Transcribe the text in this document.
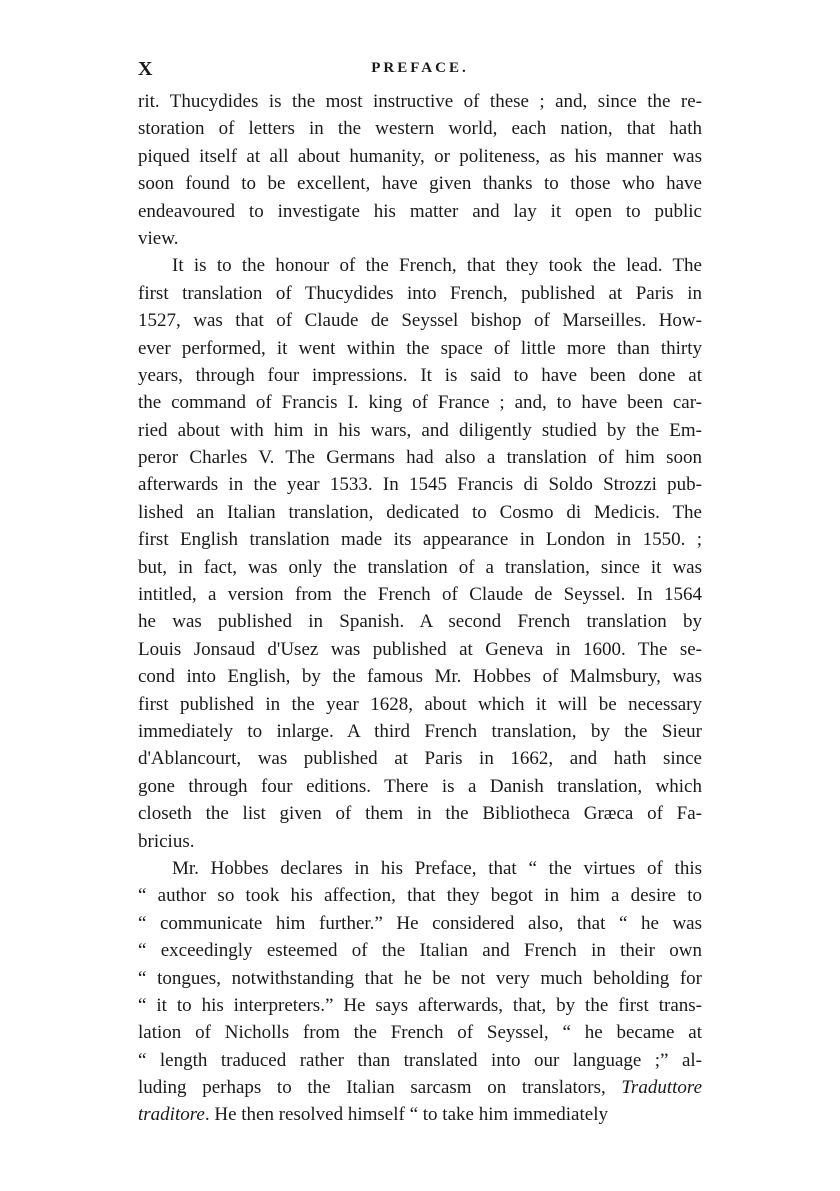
X	PREFACE.
rit. Thucydides is the most instructive of these ; and, since the re-
storation of letters in the western world, each nation, that hath
piqued itself at all about humanity, or politeness, as his manner was
soon found to be excellent, have given thanks to those who have
endeavoured to investigate his matter and lay it open to public
view.
It is to the honour of the French, that they took the lead. The
first translation of Thucydides into French, published at Paris in
1527, was that of Claude de Seyssel bishop of Marseilles. How-
ever performed, it went within the space of little more than thirty
years, through four impressions. It is said to have been done at
the command of Francis I. king of France ; and, to have been car-
ried about with him in his wars, and diligently studied by the Em-
peror Charles V. The Germans had also a translation of him soon
afterwards in the year 1533. In 1545 Francis di Soldo Strozzi pub-
lished an Italian translation, dedicated to Cosmo di Medicis. The
first English translation made its appearance in London in 1550. ;
but, in fact, was only the translation of a translation, since it was
intitled, a version from the French of Claude de Seyssel. In 1564
he was published in Spanish. A second French translation by
Louis Jonsaud d'Usez was published at Geneva in 1600. The se-
cond into English, by the famous Mr. Hobbes of Malmsbury, was
first published in the year 1628, about which it will be necessary
immediately to inlarge. A third French translation, by the Sieur
d'Ablancourt, was published at Paris in 1662, and hath since
gone through four editions. There is a Danish translation, which
closeth the list given of them in the Bibliotheca Græca of Fa-
bricius.
Mr. Hobbes declares in his Preface, that “ the virtues of this
“ author so took his affection, that they begot in him a desire to
“ communicate him further.” He considered also, that “ he was
“ exceedingly esteemed of the Italian and French in their own
“ tongues, notwithstanding that he be not very much beholding for
“ it to his interpreters.” He says afterwards, that, by the first trans-
lation of Nicholls from the French of Seyssel, “ he became at
“ length traduced rather than translated into our language ;” al-
luding perhaps to the Italian sarcasm on translators, Traduttore
traditore. He then resolved himself “ to take him immediately
